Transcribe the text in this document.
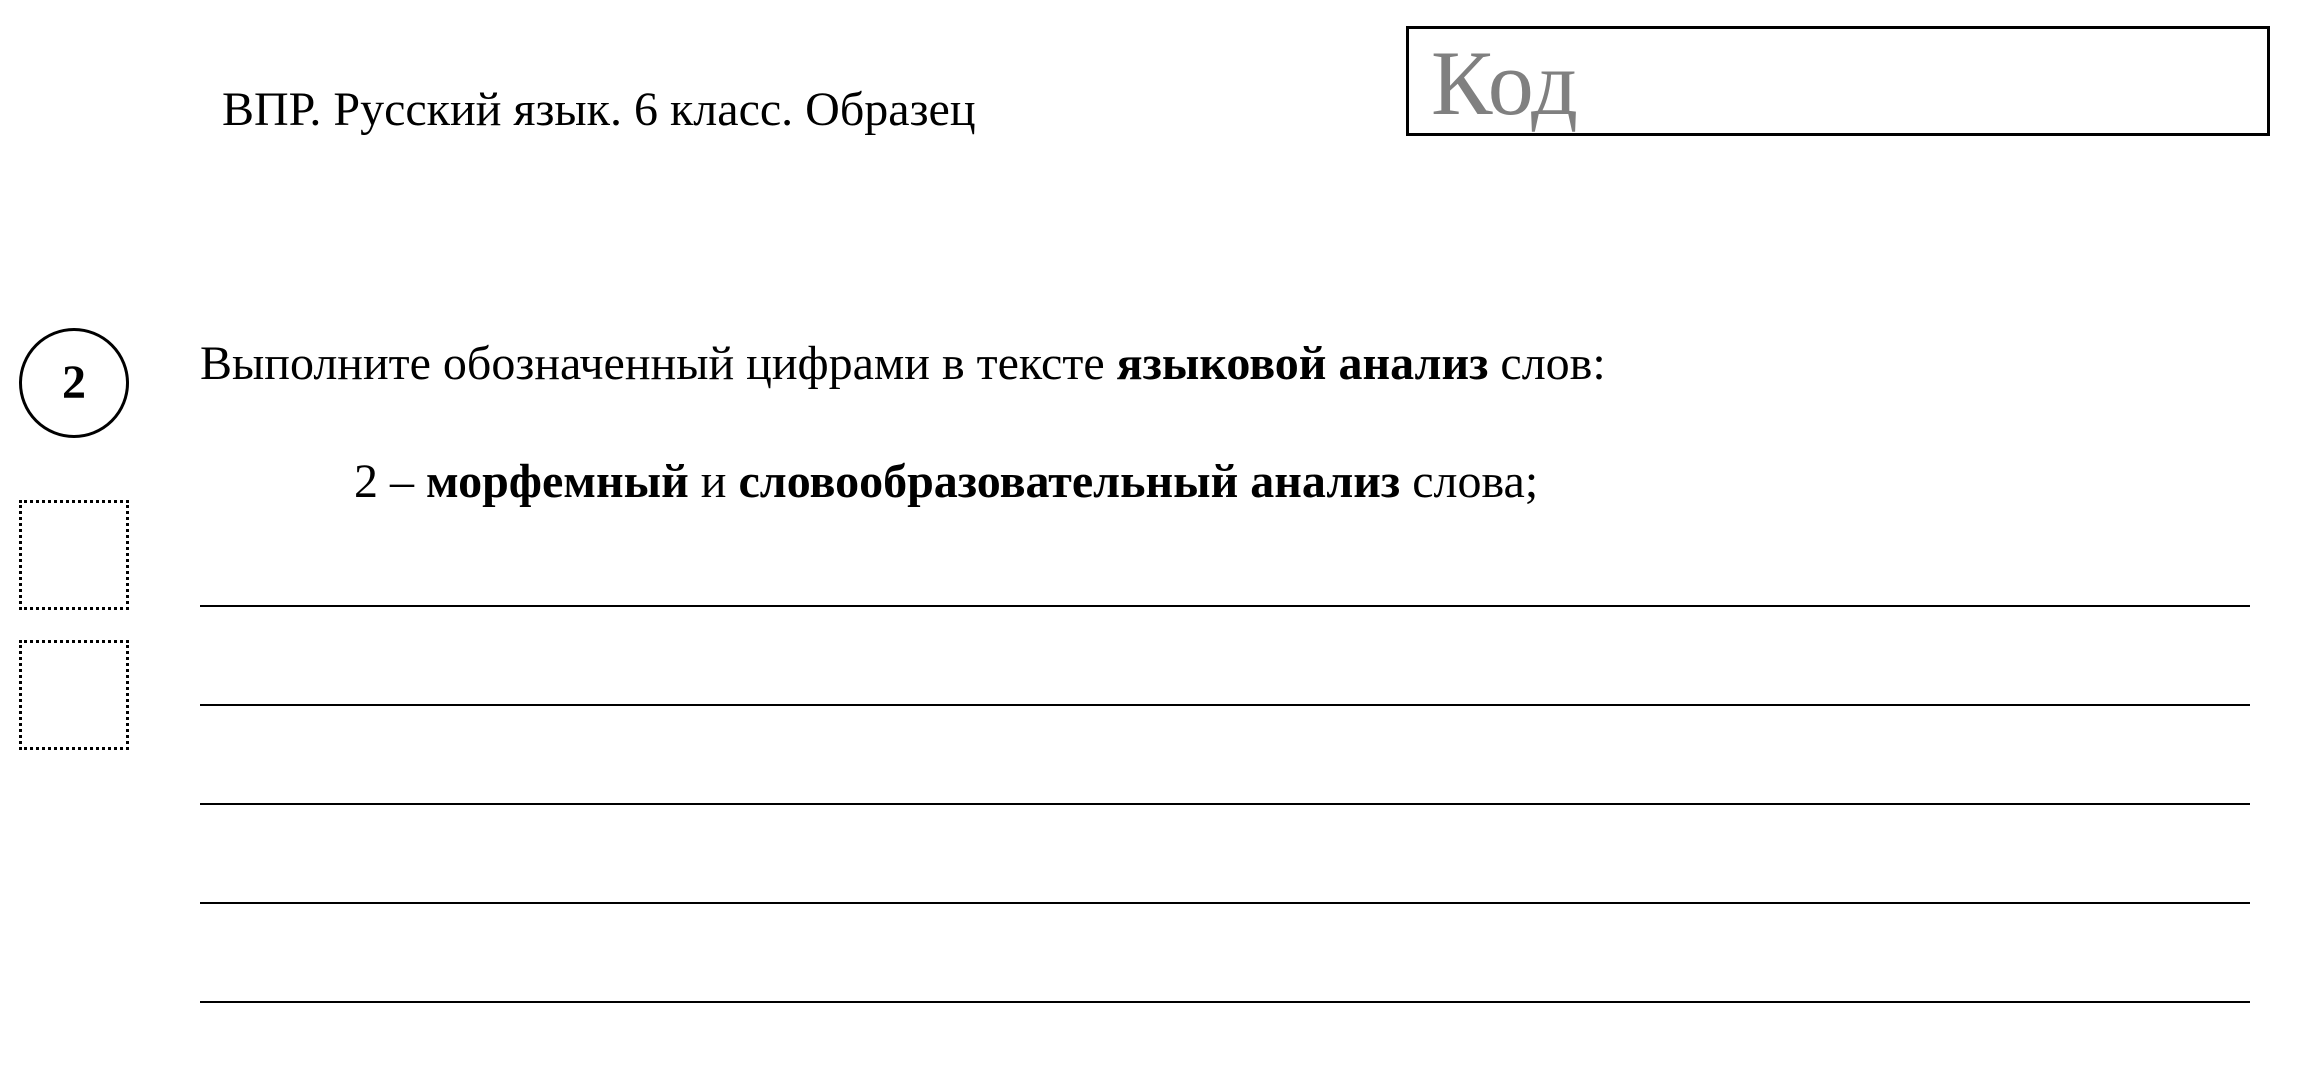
ВПР. Русский язык. 6 класс. Образец	Код
2 Выполните обозначенный цифрами в тексте языковой анализ слов:
2 – морфемный и словообразовательный анализ слова;
